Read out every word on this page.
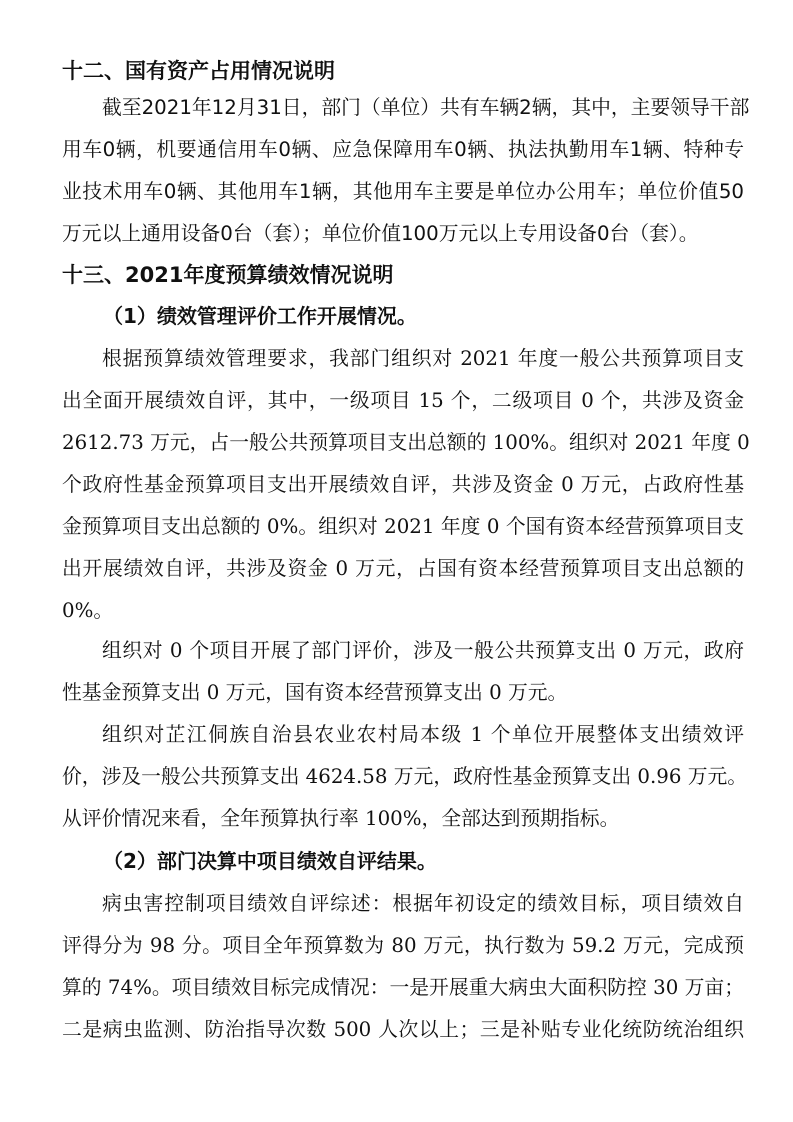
十二、国有资产占用情况说明
截至2021年12月31日，部门（单位）共有车辆2辆，其中，主要领导干部
用车0辆，机要通信用车0辆、应急保障用车0辆、执法执勤用车1辆、特种专
业技术用车0辆、其他用车1辆，其他用车主要是单位办公用车；单位价值50
万元以上通用设备0台（套）；单位价值100万元以上专用设备0台（套）。
十三、2021年度预算绩效情况说明
（1）绩效管理评价工作开展情况。
根据预算绩效管理要求，我部门组织对 2021 年度一般公共预算项目支
出全面开展绩效自评，其中，一级项目 15 个，二级项目 0 个，共涉及资金
2612.73 万元，占一般公共预算项目支出总额的 100%。组织对 2021 年度 0
个政府性基金预算项目支出开展绩效自评，共涉及资金 0 万元，占政府性基
金预算项目支出总额的 0%。组织对 2021 年度 0 个国有资本经营预算项目支
出开展绩效自评，共涉及资金 0 万元，占国有资本经营预算项目支出总额的
0%。
组织对 0 个项目开展了部门评价，涉及一般公共预算支出 0 万元，政府
性基金预算支出 0 万元，国有资本经营预算支出 0 万元。
组织对芷江侗族自治县农业农村局本级 1 个单位开展整体支出绩效评
价，涉及一般公共预算支出 4624.58 万元，政府性基金预算支出 0.96 万元。
从评价情况来看，全年预算执行率 100%，全部达到预期指标。
（2）部门决算中项目绩效自评结果。
病虫害控制项目绩效自评综述：根据年初设定的绩效目标，项目绩效自
评得分为 98 分。项目全年预算数为 80 万元，执行数为 59.2 万元，完成预
算的 74%。项目绩效目标完成情况：一是开展重大病虫大面积防控 30 万亩；
二是病虫监测、防治指导次数 500 人次以上；三是补贴专业化统防统治组织
